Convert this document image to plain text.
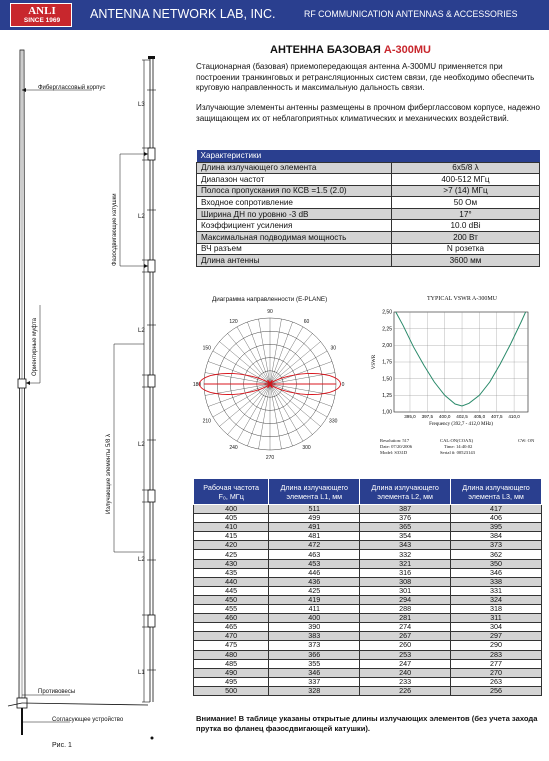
ANLI
SINCE 1969	ANTENNA NETWORK LAB, INC.	RF COMMUNICATION ANTENNAS & ACCESSORIES
Фиберглассовый корпус
Фазосдвигающие катушки
Ориентирные муфта
Излучающие элементы 5/8 λ
Противовесы
Согласующее устройство
L3
L2
L2
L2
L2
L1
Рис. 1
АНТЕННА БАЗОВАЯ А-300MU
Стационарная (базовая) приемопередающая антенна А-300MU применяется при построении транкинговых и ретрансляционных систем связи, где необходимо обеспечить круговую направленность и максимальную дальность связи.
Излучающие элементы антенны размещены в прочном фиберглассовом корпусе, надежно защищающем их от неблагоприятных климатических и механических воздействий.
Характеристики	
Длина излучающего элемента	6х5/8 λ
Диапазон частот	400-512 МГц
Полоса пропускания по КСВ =1.5 (2.0)	>7 (14) МГц
Входное сопротивление	50 Ом
Ширина ДН по уровню -3 dB	17°
Коэффициент усиления	10.0 dBi
Максимальная подводимая мощность	200 Вт
ВЧ разъем	N розетка
Длина антенны	3600 мм
Диаграмма направленности (E-PLANE)
0
30
60
90
120
150
180
210
240
270
300
330
TYPICAL VSWR A-300MU
1,00
1,25
1,50
1,75
2,00
2,25
2,50
395,0 397,5 400,0 402,5 405,0 407,5 410,0
Frequency (392,7 - 412,0 MHz)
VSWR
Resolution: 517
Date: 07/20/2006
Model: S331D
CAL:ON(COAX)
Time: 14:40:02
Serial #: 00523143
CW: ON
Рабочая частота
F₀, МГц	Длина излучающего
элемента L1, мм	Длина излучающего
элемента L2, мм	Длина излучающего
элемента L3, мм
400	511	387	417
405	499	376	406
410	491	365	395
415	481	354	384
420	472	343	373
425	463	332	362
430	453	321	350
435	446	316	346
440	436	308	338
445	425	301	331
450	419	294	324
455	411	288	318
460	400	281	311
465	390	274	304
470	383	267	297
475	373	260	290
480	366	253	283
485	355	247	277
490	346	240	270
495	337	233	263
500	328	226	256
Внимание! В таблице указаны открытые длины излучающих элементов (без учета захода прутка во фланец фазосдвигающей катушки).
